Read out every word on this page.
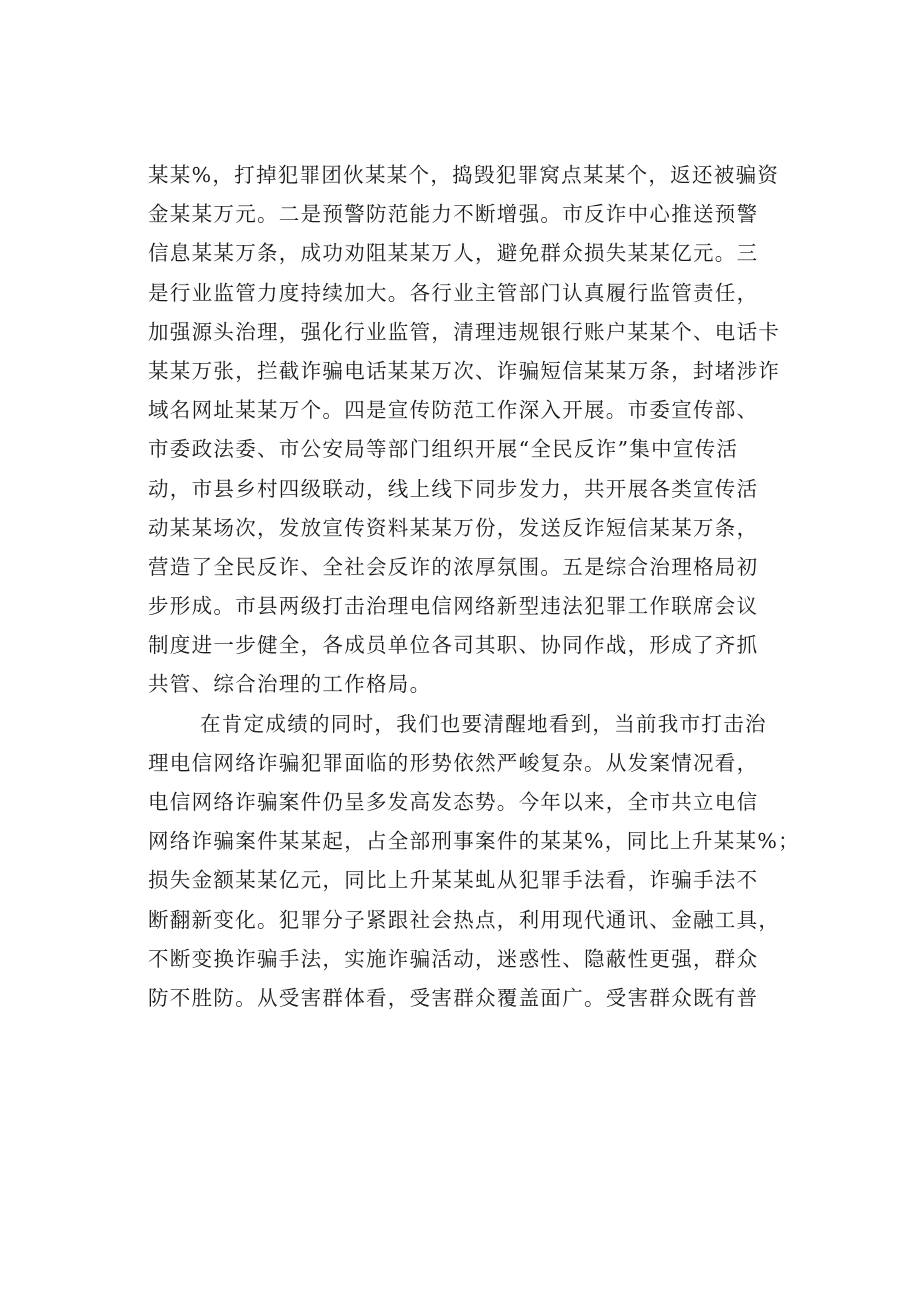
某某%，打掉犯罪团伙某某个，捣毁犯罪窝点某某个，返还被骗资
金某某万元。二是预警防范能力不断增强。市反诈中心推送预警
信息某某万条，成功劝阻某某万人，避免群众损失某某亿元。三
是行业监管力度持续加大。各行业主管部门认真履行监管责任，
加强源头治理，强化行业监管，清理违规银行账户某某个、电话卡
某某万张，拦截诈骗电话某某万次、诈骗短信某某万条，封堵涉诈
域名网址某某万个。四是宣传防范工作深入开展。市委宣传部、
市委政法委、市公安局等部门组织开展“全民反诈”集中宣传活
动，市县乡村四级联动，线上线下同步发力，共开展各类宣传活
动某某场次，发放宣传资料某某万份，发送反诈短信某某万条，
营造了全民反诈、全社会反诈的浓厚氛围。五是综合治理格局初
步形成。市县两级打击治理电信网络新型违法犯罪工作联席会议
制度进一步健全，各成员单位各司其职、协同作战，形成了齐抓
共管、综合治理的工作格局。
在肯定成绩的同时，我们也要清醒地看到，当前我市打击治
理电信网络诈骗犯罪面临的形势依然严峻复杂。从发案情况看，
电信网络诈骗案件仍呈多发高发态势。今年以来，全市共立电信
网络诈骗案件某某起，占全部刑事案件的某某%，同比上升某某%；
损失金额某某亿元，同比上升某某虬从犯罪手法看，诈骗手法不
断翻新变化。犯罪分子紧跟社会热点，利用现代通讯、金融工具，
不断变换诈骗手法，实施诈骗活动，迷惑性、隐蔽性更强，群众
防不胜防。从受害群体看，受害群众覆盖面广。受害群众既有普
